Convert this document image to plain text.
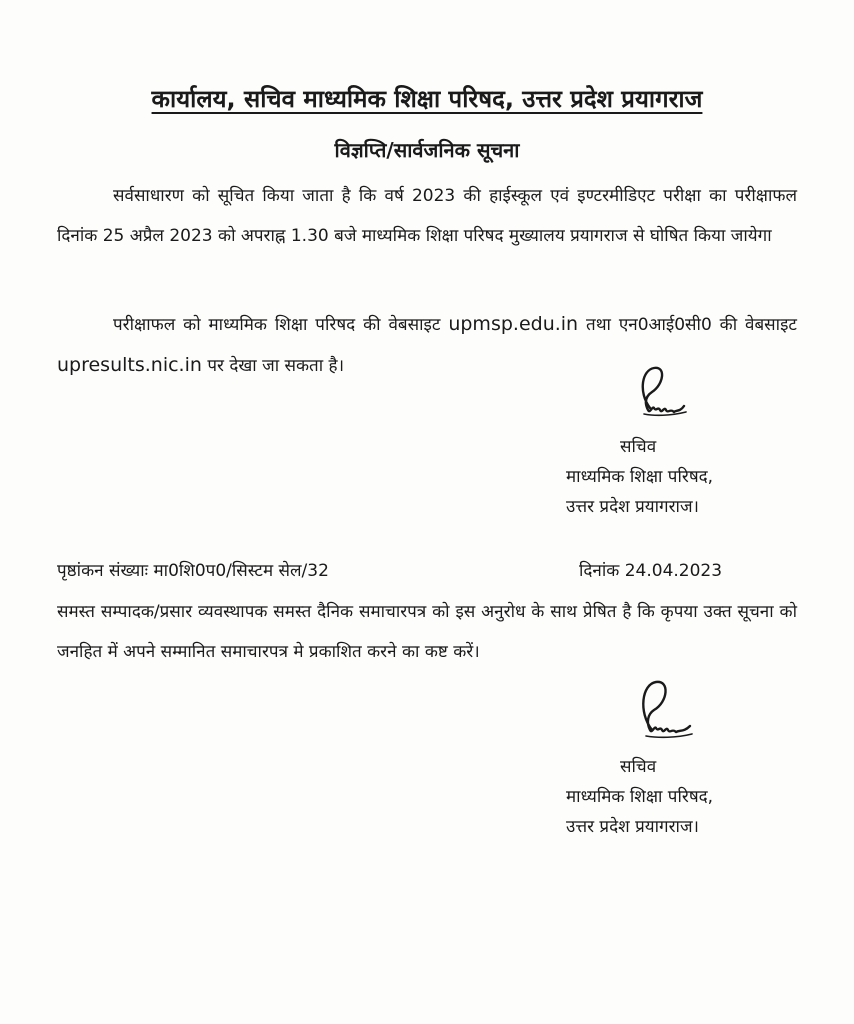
कार्यालय, सचिव माध्यमिक शिक्षा परिषद, उत्तर प्रदेश प्रयागराज
विज्ञप्ति/सार्वजनिक सूचना
सर्वसाधारण को सूचित किया जाता है कि वर्ष 2023 की हाईस्कूल एवं इण्टरमीडिएट परीक्षा का परीक्षाफल दिनांक 25 अप्रैल 2023 को अपराह्न 1.30 बजे माध्यमिक शिक्षा परिषद मुख्यालय प्रयागराज से घोषित किया जायेगा
परीक्षाफल को माध्यमिक शिक्षा परिषद की वेबसाइट upmsp.edu.in तथा एन0आई0सी0 की वेबसाइट upresults.nic.in पर देखा जा सकता है।
सचिव
माध्यमिक शिक्षा परिषद,
उत्तर प्रदेश प्रयागराज।
पृष्ठांकन संख्याः मा0शि0प0/सिस्टम सेल/32	दिनांक 24.04.2023
समस्त सम्पादक/प्रसार व्यवस्थापक समस्त दैनिक समाचारपत्र को इस अनुरोध के साथ प्रेषित है कि कृपया उक्त सूचना को जनहित में अपने सम्मानित समाचारपत्र मे प्रकाशित करने का कष्ट करें।
सचिव
माध्यमिक शिक्षा परिषद,
उत्तर प्रदेश प्रयागराज।
